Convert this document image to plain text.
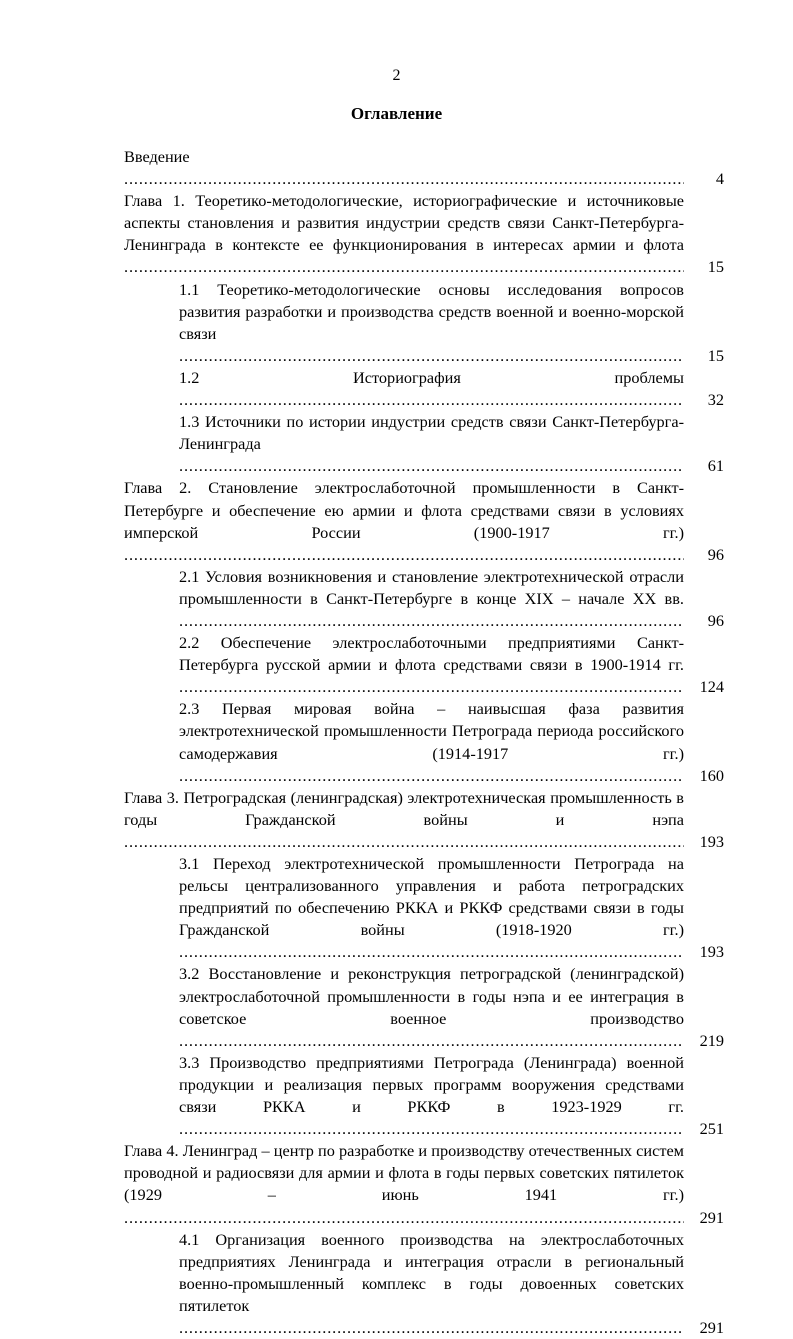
2
Оглавление
Введение . . .
4
Глава 1. Теоретико-методологические, историографические и источниковые аспекты становления и развития индустрии средств связи Санкт-Петербурга-Ленинграда в контексте ее функционирования в интересах армии и флота . . .
15
1.1 Теоретико-методологические основы исследования вопросов развития разработки и производства средств военной и военно-морской связи . . .
15
1.2 Историография проблемы . . .
32
1.3 Источники по истории индустрии средств связи Санкт-Петербурга-Ленинграда . . .
61
Глава 2. Становление электрослаботочной промышленности в Санкт-Петербурге и обеспечение ею армии и флота средствами связи в условиях имперской России (1900-1917 гг.) . . .
96
2.1 Условия возникновения и становление электротехнической отрасли промышленности в Санкт-Петербурге в конце XIX – начале XX вв. . . .
96
2.2 Обеспечение электрослаботочными предприятиями Санкт-Петербурга русской армии и флота средствами связи в 1900-1914 гг. . . .
124
2.3 Первая мировая война – наивысшая фаза развития электротехнической промышленности Петрограда периода российского самодержавия (1914-1917 гг.) . . .
160
Глава 3. Петроградская (ленинградская) электротехническая промышленность в годы Гражданской войны и нэпа . . .
193
3.1 Переход электротехнической промышленности Петрограда на рельсы централизованного управления и работа петроградских предприятий по обеспечению РККА и РККФ средствами связи в годы Гражданской войны (1918-1920 гг.) . . .
193
3.2 Восстановление и реконструкция петроградской (ленинградской) электрослаботочной промышленности в годы нэпа и ее интеграция в советское военное производство . . .
219
3.3 Производство предприятиями Петрограда (Ленинграда) военной продукции и реализация первых программ вооружения средствами связи РККА и РККФ в 1923-1929 гг. . . .
251
Глава 4. Ленинград – центр по разработке и производству отечественных систем проводной и радиосвязи для армии и флота в годы первых советских пятилеток (1929 – июнь 1941 гг.) . . .
291
4.1 Организация военного производства на электрослаботочных предприятиях Ленинграда и интеграция отрасли в региональный военно-промышленный комплекс в годы довоенных советских пятилеток . . .
291
